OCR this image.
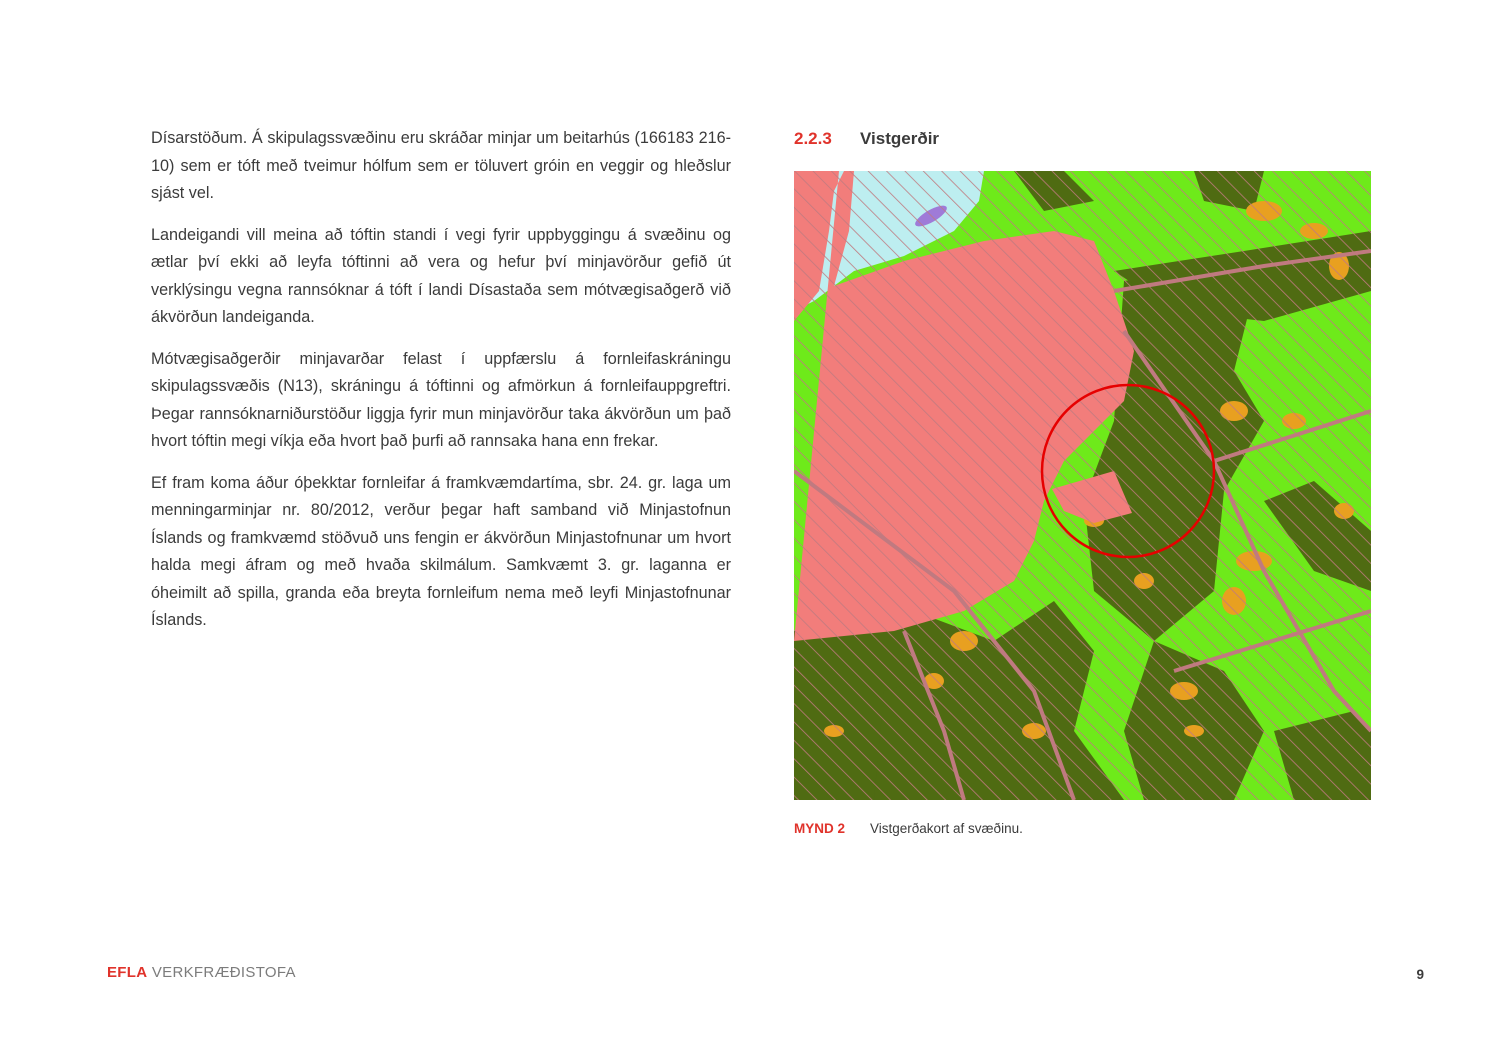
Dísarstöðum. Á skipulagssvæðinu eru skráðar minjar um beitarhús (166183 216-10) sem er tóft með tveimur hólfum sem er töluvert gróin en veggir og hleðslur sjást vel.

Landeigandi vill meina að tóftin standi í vegi fyrir uppbyggingu á svæðinu og ætlar því ekki að leyfa tóftinni að vera og hefur því minjavörður gefið út verklýsingu vegna rannsóknar á tóft í landi Dísastaða sem mótvægisaðgerð við ákvörðun landeiganda.

Mótvægisaðgerðir minjavarðar felast í uppfærslu á fornleifaskráningu skipulagssvæðis (N13), skráningu á tóftinni og afmörkun á fornleifauppgreftri. Þegar rannsóknarniðurstöður liggja fyrir mun minjavörður taka ákvörðun um það hvort tóftin megi víkja eða hvort það þurfi að rannsaka hana enn frekar.

Ef fram koma áður óþekktar fornleifar á framkvæmdartíma, sbr. 24. gr. laga um menningarminjar nr. 80/2012, verður þegar haft samband við Minjastofnun Íslands og framkvæmd stöðvuð uns fengin er ákvörðun Minjastofnunar um hvort halda megi áfram og með hvaða skilmálum. Samkvæmt 3. gr. laganna er óheimilt að spilla, granda eða breyta fornleifum nema með leyfi Minjastofnunar Íslands.

2.2.3 Vistgerðir
MYND 2 Vistgerðakort af svæðinu.
EFLA VERKFRÆÐISTOFA	9
